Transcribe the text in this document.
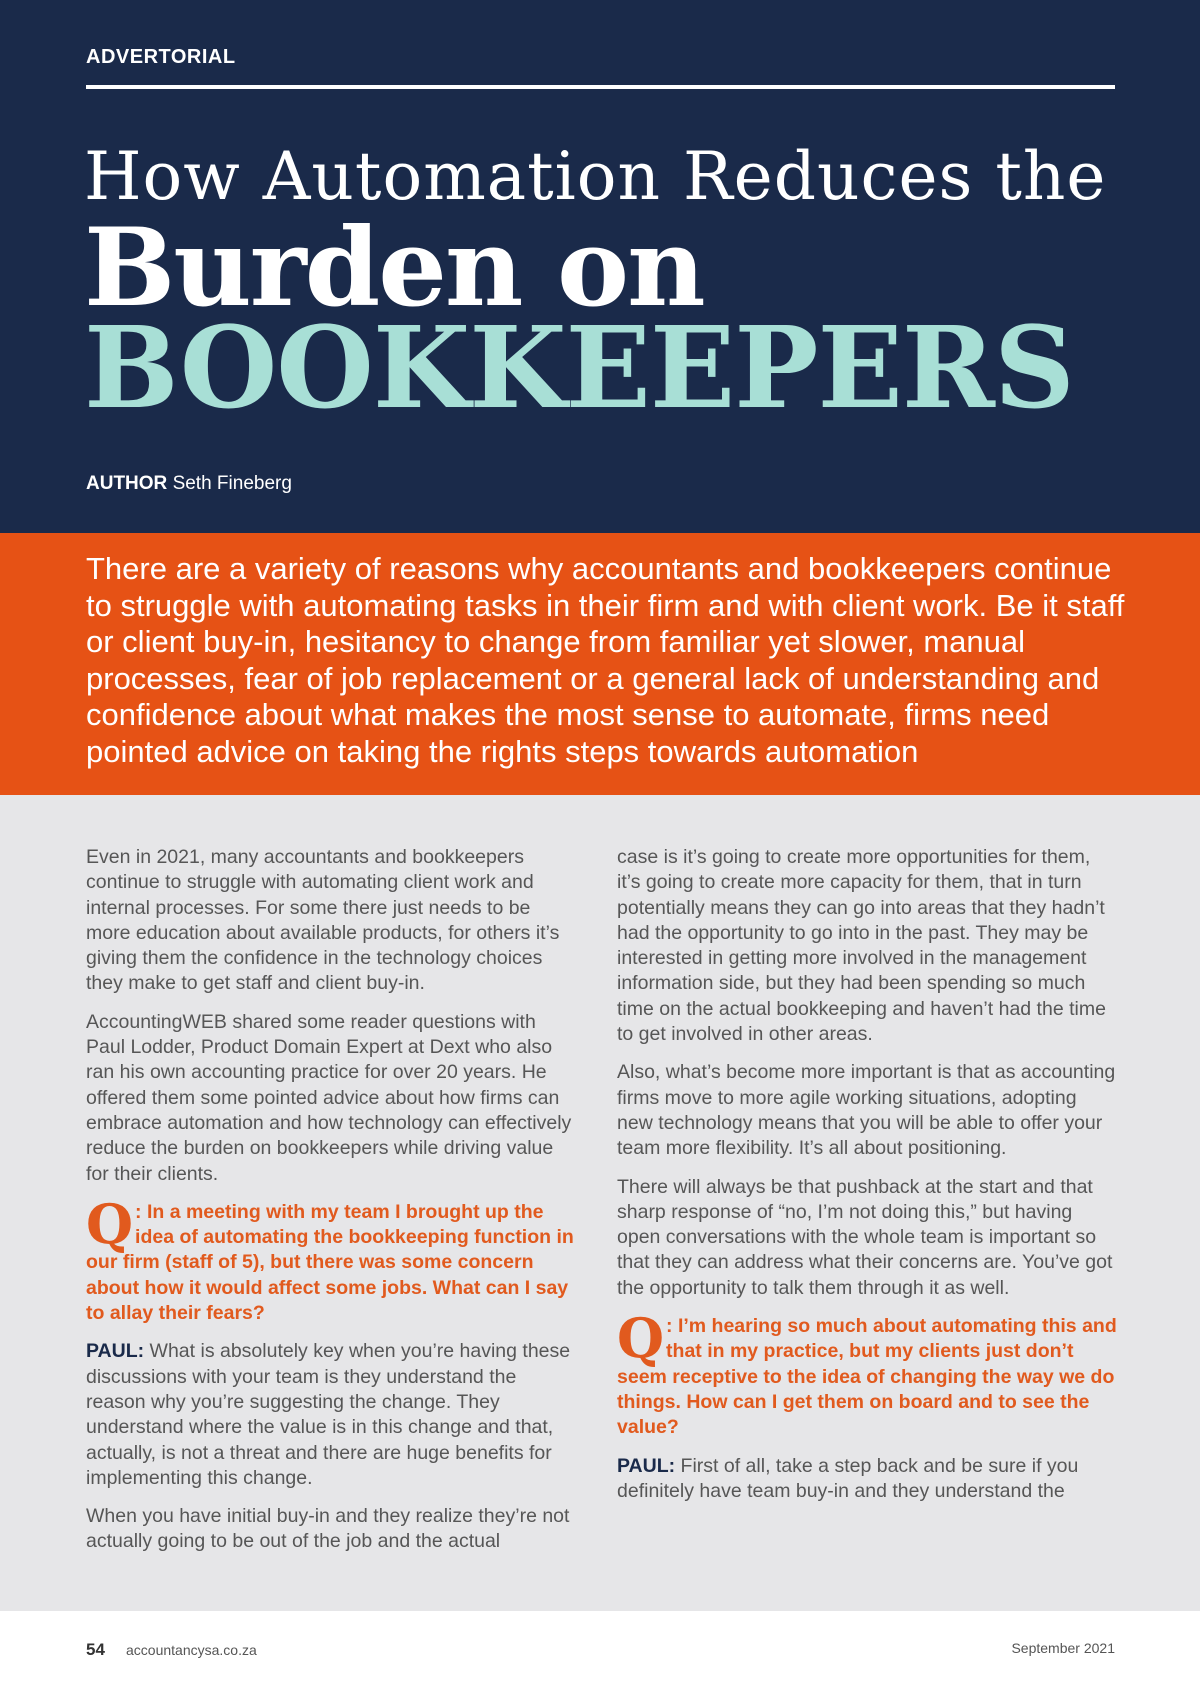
ADVERTORIAL
How Automation Reduces the
Burden on
BOOKKEEPERS
AUTHOR Seth Fineberg

There are a variety of reasons why accountants and bookkeepers continue to struggle with automating tasks in their firm and with client work. Be it staff or client buy-in, hesitancy to change from familiar yet slower, manual processes, fear of job replacement or a general lack of understanding and confidence about what makes the most sense to automate, firms need pointed advice on taking the rights steps towards automation

Even in 2021, many accountants and bookkeepers continue to struggle with automating client work and internal processes. For some there just needs to be more education about available products, for others it’s giving them the confidence in the technology choices they make to get staff and client buy-in.

AccountingWEB shared some reader questions with Paul Lodder, Product Domain Expert at Dext who also ran his own accounting practice for over 20 years. He offered them some pointed advice about how firms can embrace automation and how technology can effectively reduce the burden on bookkeepers while driving value for their clients.

Q : In a meeting with my team I brought up the idea of automating the bookkeeping function in our firm (staff of 5), but there was some concern about how it would affect some jobs. What can I say to allay their fears?

PAUL: What is absolutely key when you’re having these discussions with your team is they understand the reason why you’re suggesting the change. They understand where the value is in this change and that, actually, is not a threat and there are huge benefits for implementing this change.

When you have initial buy-in and they realize they’re not actually going to be out of the job and the actual

case is it’s going to create more opportunities for them, it’s going to create more capacity for them, that in turn potentially means they can go into areas that they hadn’t had the opportunity to go into in the past. They may be interested in getting more involved in the management information side, but they had been spending so much time on the actual bookkeeping and haven’t had the time to get involved in other areas.

Also, what’s become more important is that as accounting firms move to more agile working situations, adopting new technology means that you will be able to offer your team more flexibility. It’s all about positioning.

There will always be that pushback at the start and that sharp response of “no, I’m not doing this,” but having open conversations with the whole team is important so that they can address what their concerns are. You’ve got the opportunity to talk them through it as well.

Q : I’m hearing so much about automating this and that in my practice, but my clients just don’t seem receptive to the idea of changing the way we do things. How can I get them on board and to see the value?

PAUL: First of all, take a step back and be sure if you definitely have team buy-in and they understand the

54 accountancysa.co.za	September 2021
